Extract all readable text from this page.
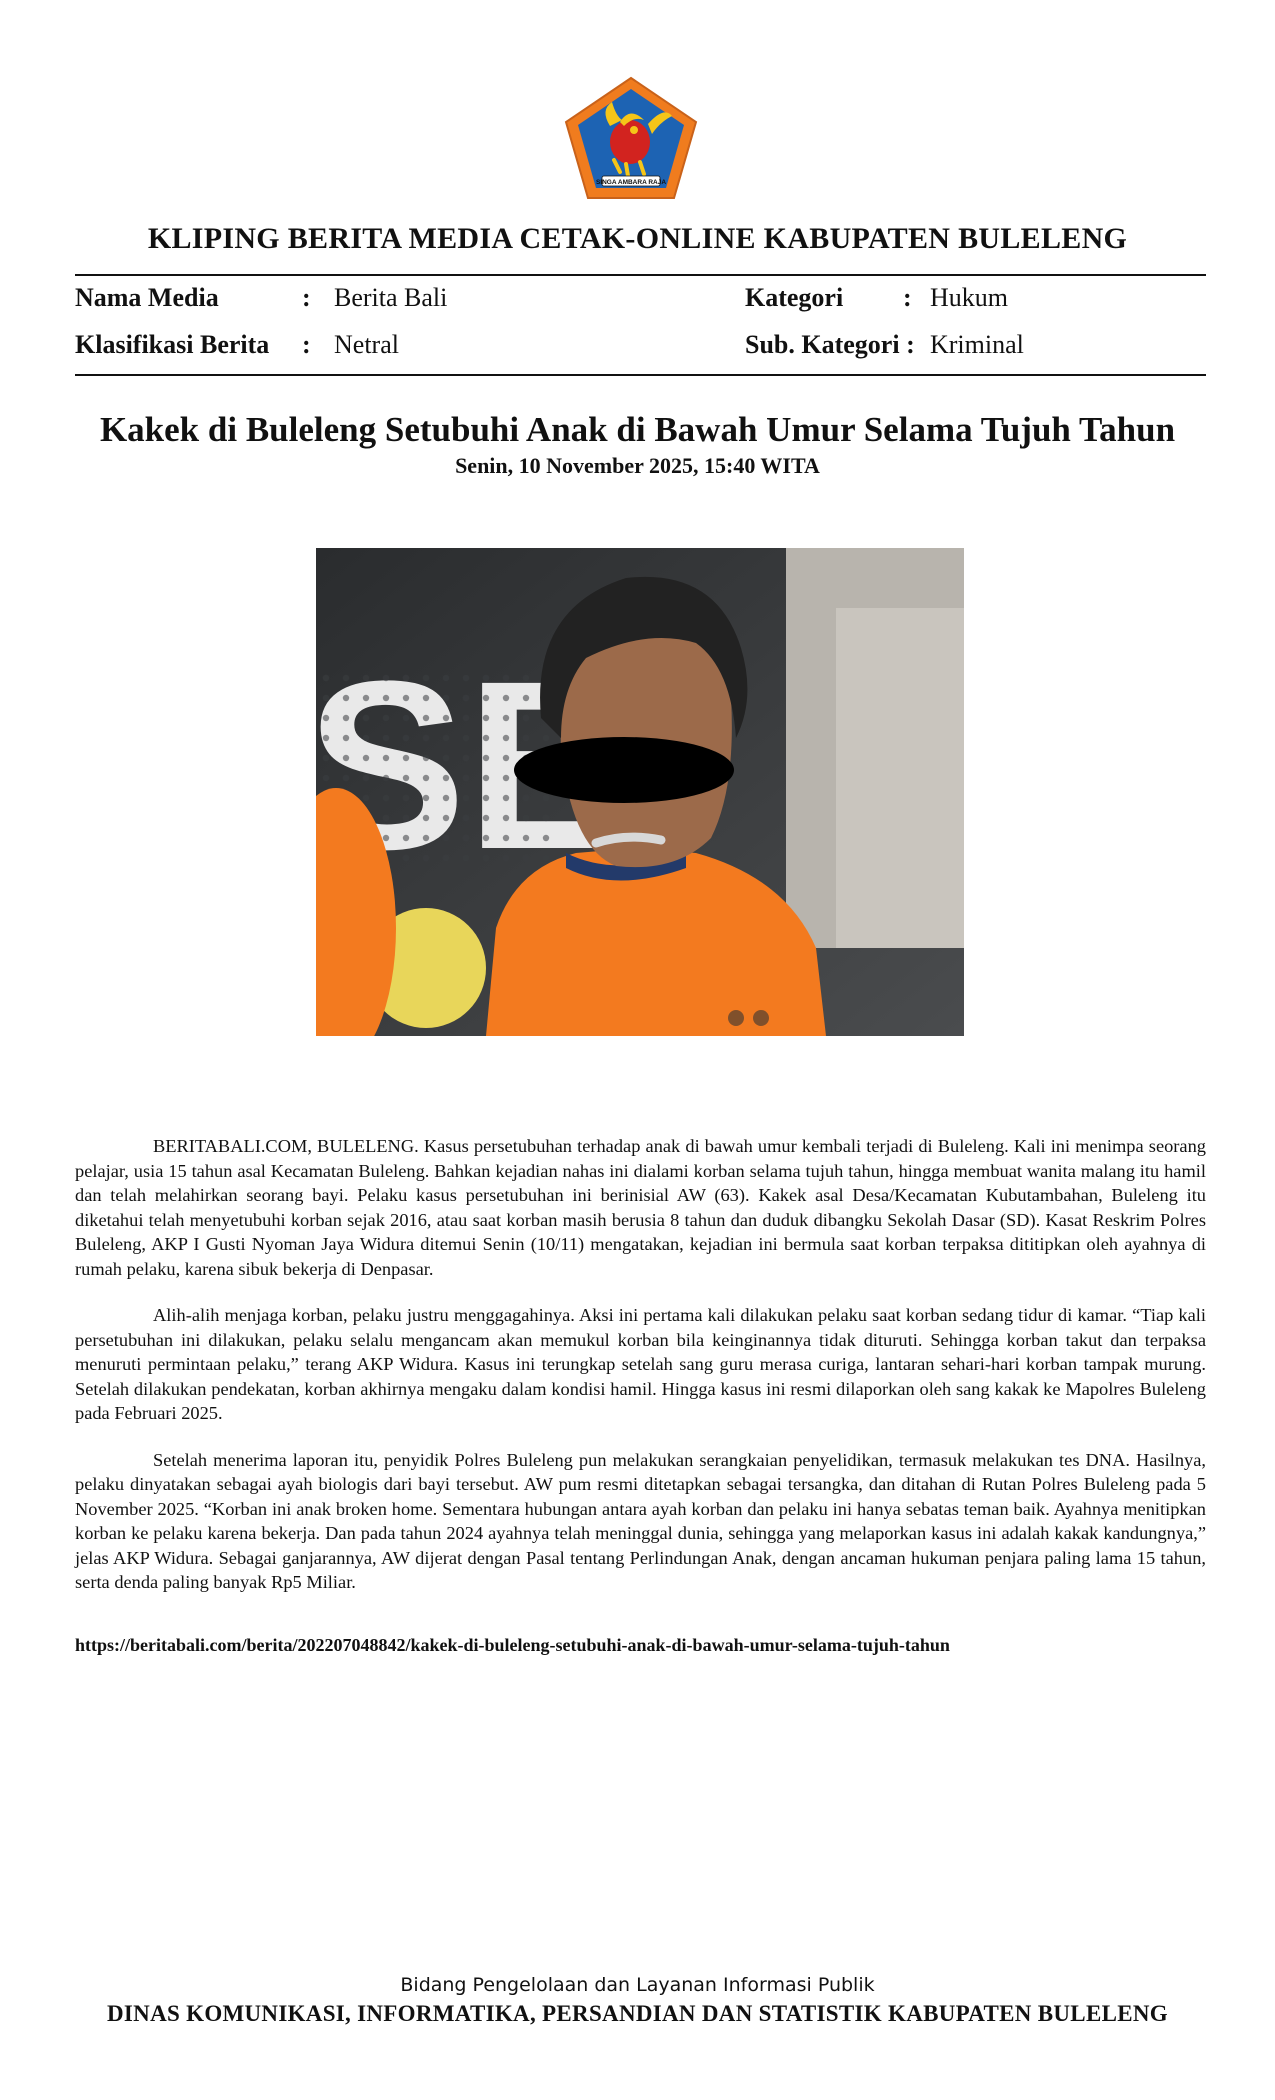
SINGA AMBARA RAJA
KLIPING BERITA MEDIA CETAK-ONLINE KABUPATEN BULELENG
Nama Media	: Berita Bali	Kategori : Hukum
Klasifikasi Berita : Netral	Sub. Kategori : Kriminal
Kakek di Buleleng Setubuhi Anak di Bawah Umur Selama Tujuh Tahun
Senin, 10 November 2025, 15:40 WITA

BERITABALI.COM, BULELENG. Kasus persetubuhan terhadap anak di bawah umur kembali terjadi di Buleleng. Kali ini menimpa seorang pelajar, usia 15 tahun asal Kecamatan Buleleng. Bahkan kejadian nahas ini dialami korban selama tujuh tahun, hingga membuat wanita malang itu hamil dan telah melahirkan seorang bayi. Pelaku kasus persetubuhan ini berinisial AW (63). Kakek asal Desa/Kecamatan Kubutambahan, Buleleng itu diketahui telah menyetubuhi korban sejak 2016, atau saat korban masih berusia 8 tahun dan duduk dibangku Sekolah Dasar (SD). Kasat Reskrim Polres Buleleng, AKP I Gusti Nyoman Jaya Widura ditemui Senin (10/11) mengatakan, kejadian ini bermula saat korban terpaksa dititipkan oleh ayahnya di rumah pelaku, karena sibuk bekerja di Denpasar.

Alih-alih menjaga korban, pelaku justru menggagahinya. Aksi ini pertama kali dilakukan pelaku saat korban sedang tidur di kamar. “Tiap kali persetubuhan ini dilakukan, pelaku selalu mengancam akan memukul korban bila keinginannya tidak dituruti. Sehingga korban takut dan terpaksa menuruti permintaan pelaku,” terang AKP Widura. Kasus ini terungkap setelah sang guru merasa curiga, lantaran sehari-hari korban tampak murung. Setelah dilakukan pendekatan, korban akhirnya mengaku dalam kondisi hamil. Hingga kasus ini resmi dilaporkan oleh sang kakak ke Mapolres Buleleng pada Februari 2025.

Setelah menerima laporan itu, penyidik Polres Buleleng pun melakukan serangkaian penyelidikan, termasuk melakukan tes DNA. Hasilnya, pelaku dinyatakan sebagai ayah biologis dari bayi tersebut. AW pum resmi ditetapkan sebagai tersangka, dan ditahan di Rutan Polres Buleleng pada 5 November 2025. “Korban ini anak broken home. Sementara hubungan antara ayah korban dan pelaku ini hanya sebatas teman baik. Ayahnya menitipkan korban ke pelaku karena bekerja. Dan pada tahun 2024 ayahnya telah meninggal dunia, sehingga yang melaporkan kasus ini adalah kakak kandungnya,” jelas AKP Widura. Sebagai ganjarannya, AW dijerat dengan Pasal tentang Perlindungan Anak, dengan ancaman hukuman penjara paling lama 15 tahun, serta denda paling banyak Rp5 Miliar.

https://beritabali.com/berita/202207048842/kakek-di-buleleng-setubuhi-anak-di-bawah-umur-selama-tujuh-tahun
Bidang Pengelolaan dan Layanan Informasi Publik
DINAS KOMUNIKASI, INFORMATIKA, PERSANDIAN DAN STATISTIK KABUPATEN BULELENG
